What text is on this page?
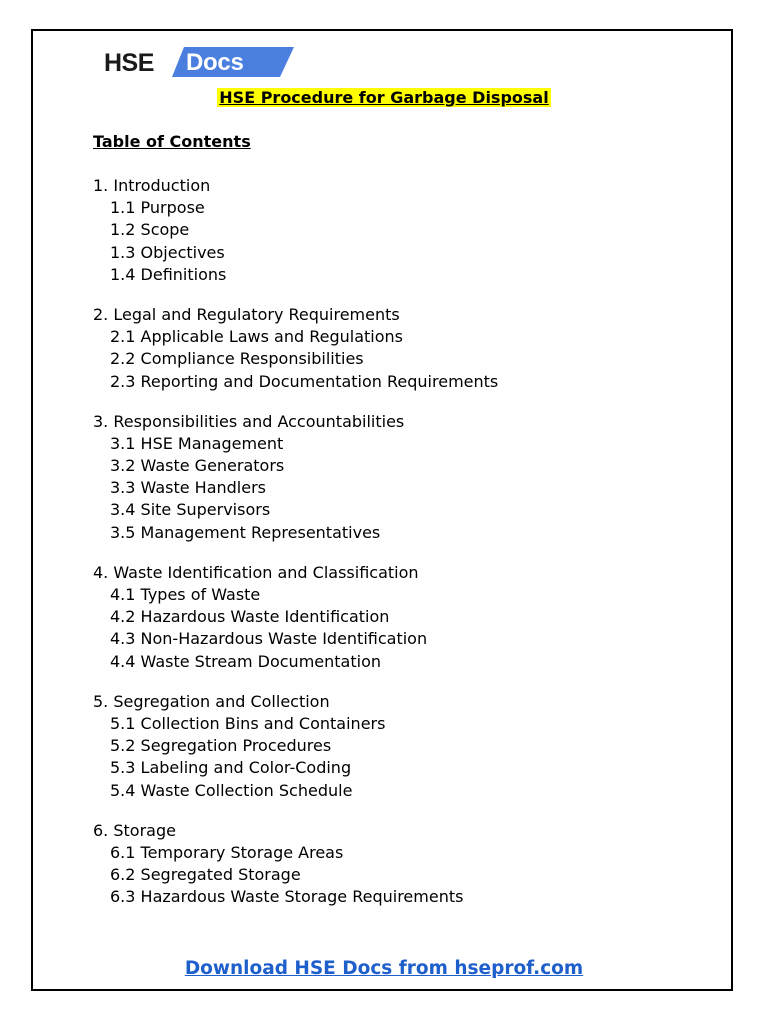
HSE Docs
HSE Procedure for Garbage Disposal
Table of Contents
1. Introduction
1.1 Purpose
1.2 Scope
1.3 Objectives
1.4 Definitions
2. Legal and Regulatory Requirements
2.1 Applicable Laws and Regulations
2.2 Compliance Responsibilities
2.3 Reporting and Documentation Requirements
3. Responsibilities and Accountabilities
3.1 HSE Management
3.2 Waste Generators
3.3 Waste Handlers
3.4 Site Supervisors
3.5 Management Representatives
4. Waste Identification and Classification
4.1 Types of Waste
4.2 Hazardous Waste Identification
4.3 Non-Hazardous Waste Identification
4.4 Waste Stream Documentation
5. Segregation and Collection
5.1 Collection Bins and Containers
5.2 Segregation Procedures
5.3 Labeling and Color-Coding
5.4 Waste Collection Schedule
6. Storage
6.1 Temporary Storage Areas
6.2 Segregated Storage
6.3 Hazardous Waste Storage Requirements
Download HSE Docs from hseprof.com
